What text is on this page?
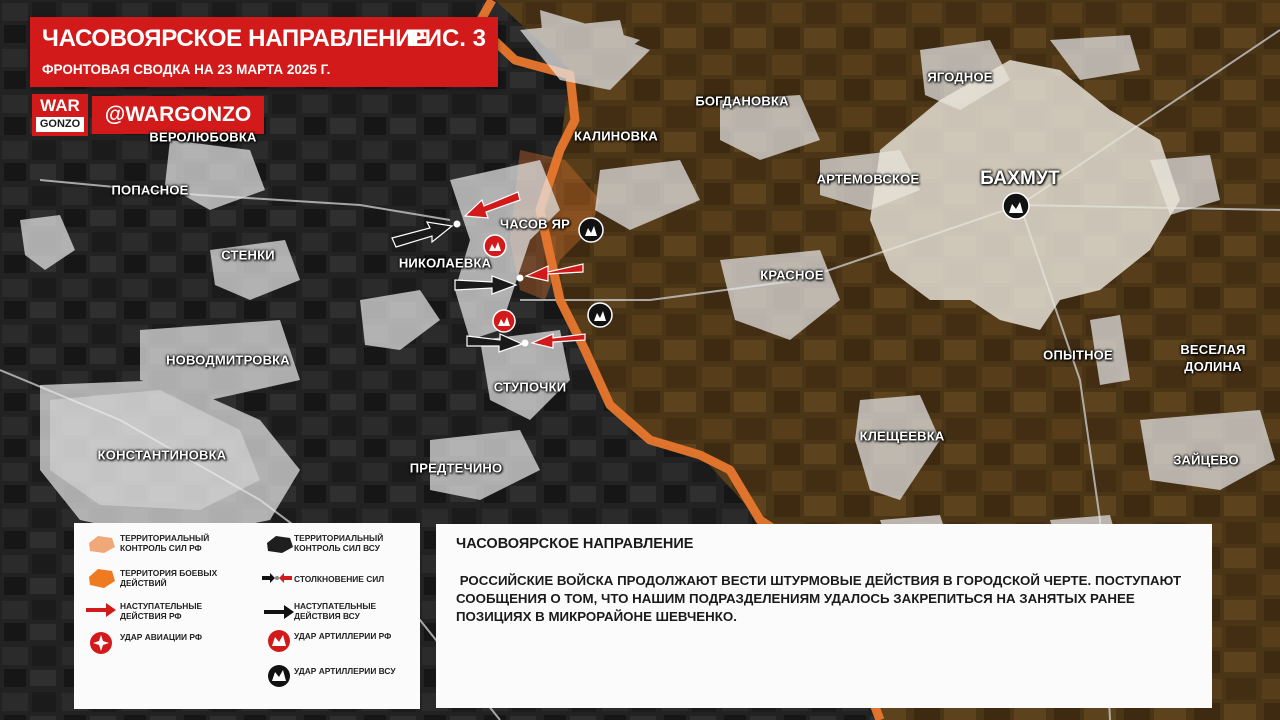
ЧАСОВОЯРСКОЕ НАПРАВЛЕНИЕ
РИС. 3
ФРОНТОВАЯ СВОДКА НА 23 МАРТА 2025 Г.
WAR
GONZO	@WARGONZO
ВЕРОЛЮБОВКА
ПОПАСНОЕ
СТЕНКИ
НОВОДМИТРОВКА
КОНСТАНТИНОВКА
ПРЕДТЕЧИНО
НИКОЛАЕВКА
ЧАСОВ ЯР
КАЛИНОВКА
СТУПОЧКИ
БОГДАНОВКА
АРТЕМОВСКОЕ
КРАСНОЕ
КЛЕЩЕЕВКА
ЯГОДНОЕ
БАХМУТ
ОПЫТНОЕ	ВЕСЕЛАЯ
ДОЛИНА
ЗАЙЦЕВО
ТЕРРИТОРИАЛЬНЫЙ КОНТРОЛЬ СИЛ РФ
ТЕРРИТОРИЯ БОЕВЫХ ДЕЙСТВИЙ
НАСТУПАТЕЛЬНЫЕ ДЕЙСТВИЯ РФ
УДАР АВИАЦИИ РФ
ТЕРРИТОРИАЛЬНЫЙ КОНТРОЛЬ СИЛ ВСУ
СТОЛКНОВЕНИЕ СИЛ
НАСТУПАТЕЛЬНЫЕ ДЕЙСТВИЯ ВСУ
УДАР АРТИЛЛЕРИИ РФ
УДАР АРТИЛЛЕРИИ ВСУ
ЧАСОВОЯРСКОЕ НАПРАВЛЕНИЕ
РОССИЙСКИЕ ВОЙСКА ПРОДОЛЖАЮТ ВЕСТИ ШТУРМОВЫЕ ДЕЙСТВИЯ В ГОРОДСКОЙ ЧЕРТЕ. ПОСТУПАЮТ СООБЩЕНИЯ О ТОМ, ЧТО НАШИМ ПОДРАЗДЕЛЕНИЯМ УДАЛОСЬ ЗАКРЕПИТЬСЯ НА ЗАНЯТЫХ РАНЕЕ ПОЗИЦИЯХ В МИКРОРАЙОНЕ ШЕВЧЕНКО.
